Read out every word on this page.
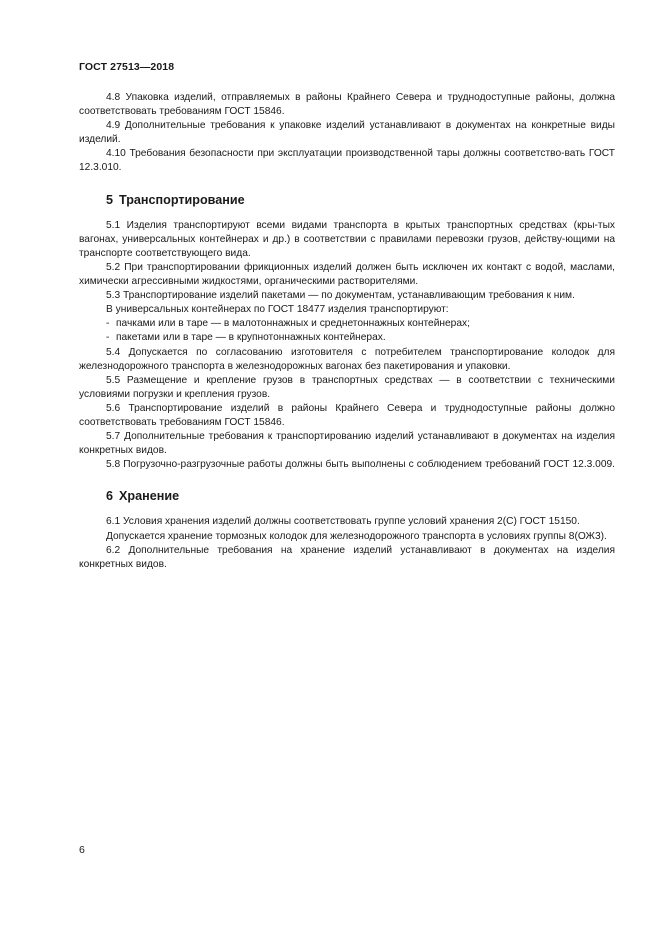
ГОСТ 27513—2018

4.8 Упаковка изделий, отправляемых в районы Крайнего Севера и труднодоступные районы, должна соответствовать требованиям ГОСТ 15846.

4.9 Дополнительные требования к упаковке изделий устанавливают в документах на конкретные виды изделий.

4.10 Требования безопасности при эксплуатации производственной тары должны соответство-вать ГОСТ 12.3.010.

5 Транспортирование

5.1 Изделия транспортируют всеми видами транспорта в крытых транспортных средствах (кры-тых вагонах, универсальных контейнерах и др.) в соответствии с правилами перевозки грузов, действу-ющими на транспорте соответствующего вида.

5.2 При транспортировании фрикционных изделий должен быть исключен их контакт с водой, маслами, химически агрессивными жидкостями, органическими растворителями.

5.3 Транспортирование изделий пакетами — по документам, устанавливающим требования к ним.

В универсальных контейнерах по ГОСТ 18477 изделия транспортируют:

- пачками или в таре — в малотоннажных и среднетоннажных контейнерах;

- пакетами или в таре — в крупнотоннажных контейнерах.

5.4 Допускается по согласованию изготовителя с потребителем транспортирование колодок для железнодорожного транспорта в железнодорожных вагонах без пакетирования и упаковки.

5.5 Размещение и крепление грузов в транспортных средствах — в соответствии с техническими условиями погрузки и крепления грузов.

5.6 Транспортирование изделий в районы Крайнего Севера и труднодоступные районы должно соответствовать требованиям ГОСТ 15846.

5.7 Дополнительные требования к транспортированию изделий устанавливают в документах на изделия конкретных видов.

5.8 Погрузочно-разгрузочные работы должны быть выполнены с соблюдением требований ГОСТ 12.3.009.

6 Хранение

6.1 Условия хранения изделий должны соответствовать группе условий хранения 2(С) ГОСТ 15150.

Допускается хранение тормозных колодок для железнодорожного транспорта в условиях группы 8(ОЖ3).

6.2 Дополнительные требования на хранение изделий устанавливают в документах на изделия конкретных видов.

6
